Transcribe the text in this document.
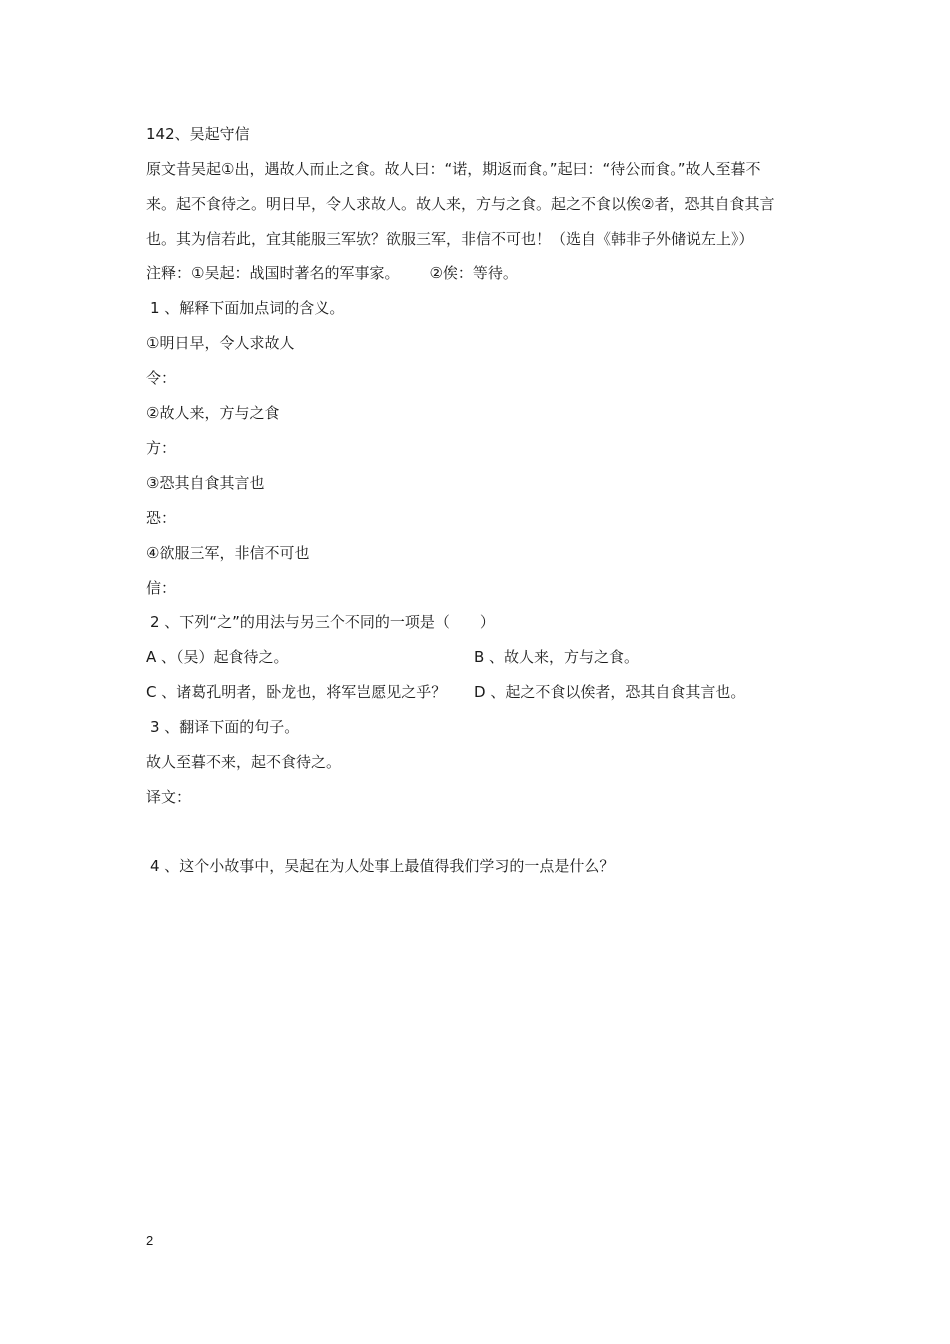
142、吴起守信
原文昔吴起①出，遇故人而止之食。故人曰：“诺，期返而食。”起曰：“待公而食。”故人至暮不
来。起不食待之。明日早，令人求故人。故人来，方与之食。起之不食以俟②者，恐其自食其言
也。其为信若此，宜其能服三军欤？欲服三军，非信不可也！（选自《韩非子外储说左上》）
注释：①吴起：战国时著名的军事家。 ②俟：等待。
1 、解释下面加点词的含义。
①明日早，令人求故人
令：
②故人来，方与之食
方：
③恐其自食其言也
恐：
④欲服三军，非信不可也
信：
2 、下列“之”的用法与另三个不同的一项是（　　）
A 、（吴）起食待之。	B 、故人来，方与之食。
C 、诸葛孔明者，卧龙也，将军岂愿见之乎？ D 、起之不食以俟者，恐其自食其言也。
3 、翻译下面的句子。
故人至暮不来，起不食待之。
译文：
4 、这个小故事中，吴起在为人处事上最值得我们学习的一点是什么？
2
